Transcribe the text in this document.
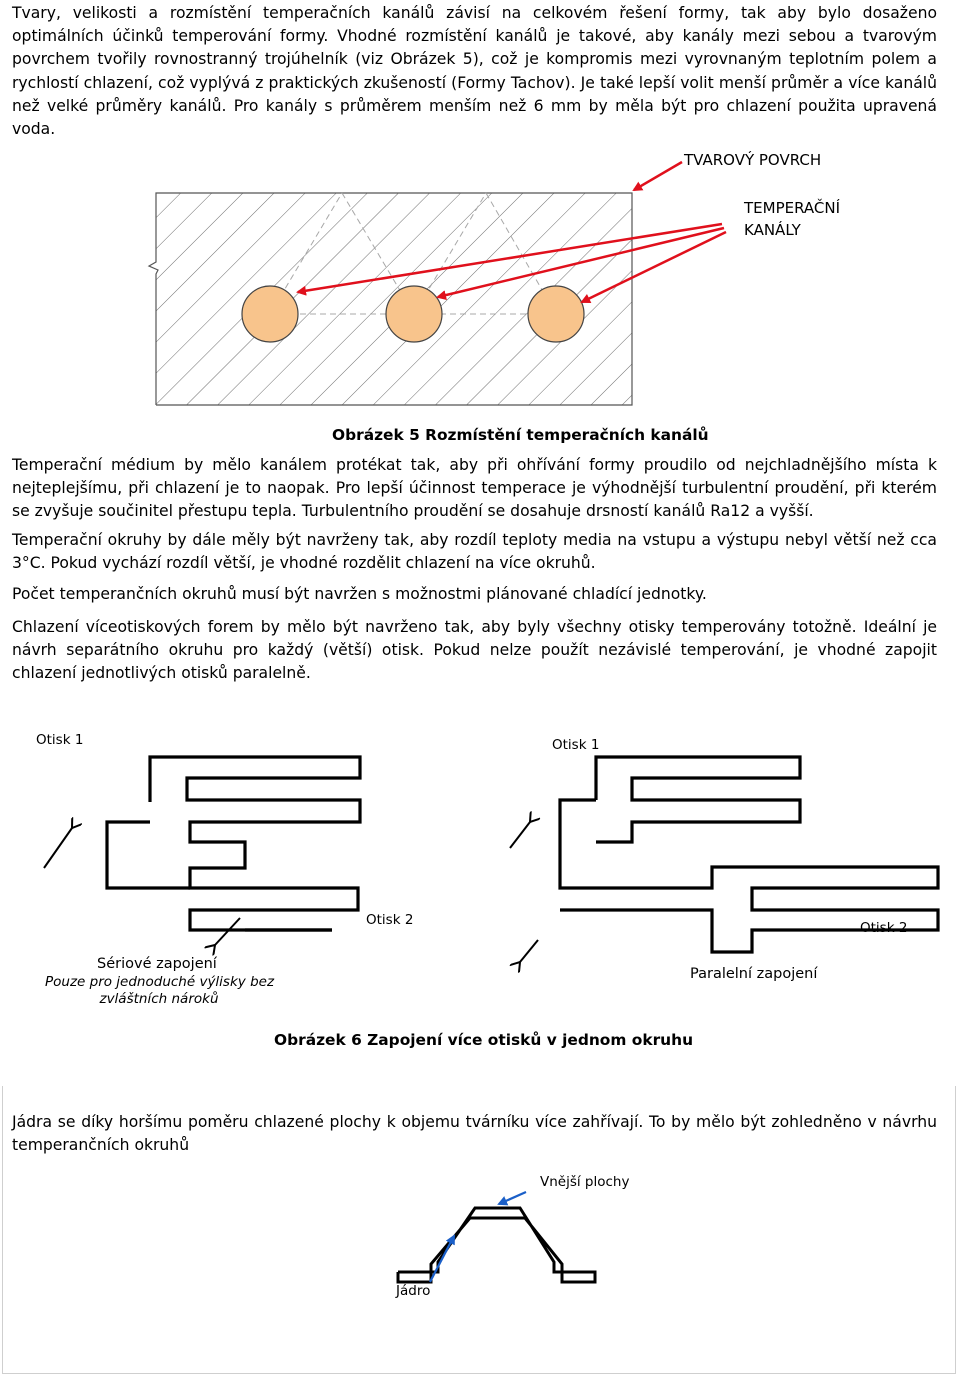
Tvary, velikosti a rozmístění temperačních kanálů závisí na celkovém řešení formy, tak aby bylo dosaženo optimálních účinků temperování formy. Vhodné rozmístění kanálů je takové, aby kanály mezi sebou a tvarovým povrchem tvořily rovnostranný trojúhelník (viz Obrázek 5), což je kompromis mezi vyrovnaným teplotním polem a rychlostí chlazení, což vyplývá z praktických zkušeností (Formy Tachov). Je také lepší volit menší průměr a více kanálů než velké průměry kanálů. Pro kanály s průměrem menším než 6 mm by měla být pro chlazení použita upravená voda.

TVAROVÝ POVRCH

TEMPERAČNÍ

KANÁLY

Obrázek 5 Rozmístění temperačních kanálů

Temperační médium by mělo kanálem protékat tak, aby při ohřívání formy proudilo od nejchladnějšího místa k nejteplejšímu, při chlazení je to naopak. Pro lepší účinnost temperace je výhodnější turbulentní proudění, při kterém se zvyšuje součinitel přestupu tepla. Turbulentního proudění se dosahuje drsností kanálů Ra12 a vyšší.

Temperační okruhy by dále měly být navrženy tak, aby rozdíl teploty media na vstupu a výstupu nebyl větší než cca 3°C. Pokud vychází rozdíl větší, je vhodné rozdělit chlazení na více okruhů.

Počet temperančních okruhů musí být navržen s možnostmi plánované chladící jednotky.

Chlazení víceotiskových forem by mělo být navrženo tak, aby byly všechny otisky temperovány totožně. Ideální je návrh separátního okruhu pro každý (větší) otisk. Pokud nelze použít nezávislé temperování, je vhodné zapojit chlazení jednotlivých otisků paralelně.

Otisk 1

Otisk 2

Sériové zapojení

Pouze pro jednoduché výlisky bez

zvláštních nároků

Otisk 1

Otisk 2

Paralelní zapojení

Obrázek 6 Zapojení více otisků v jednom okruhu

Jádra se díky horšímu poměru chlazené plochy k objemu tvárníku více zahřívají. To by mělo být zohledněno v návrhu temperančních okruhů

Vnější plochy

Jádro
